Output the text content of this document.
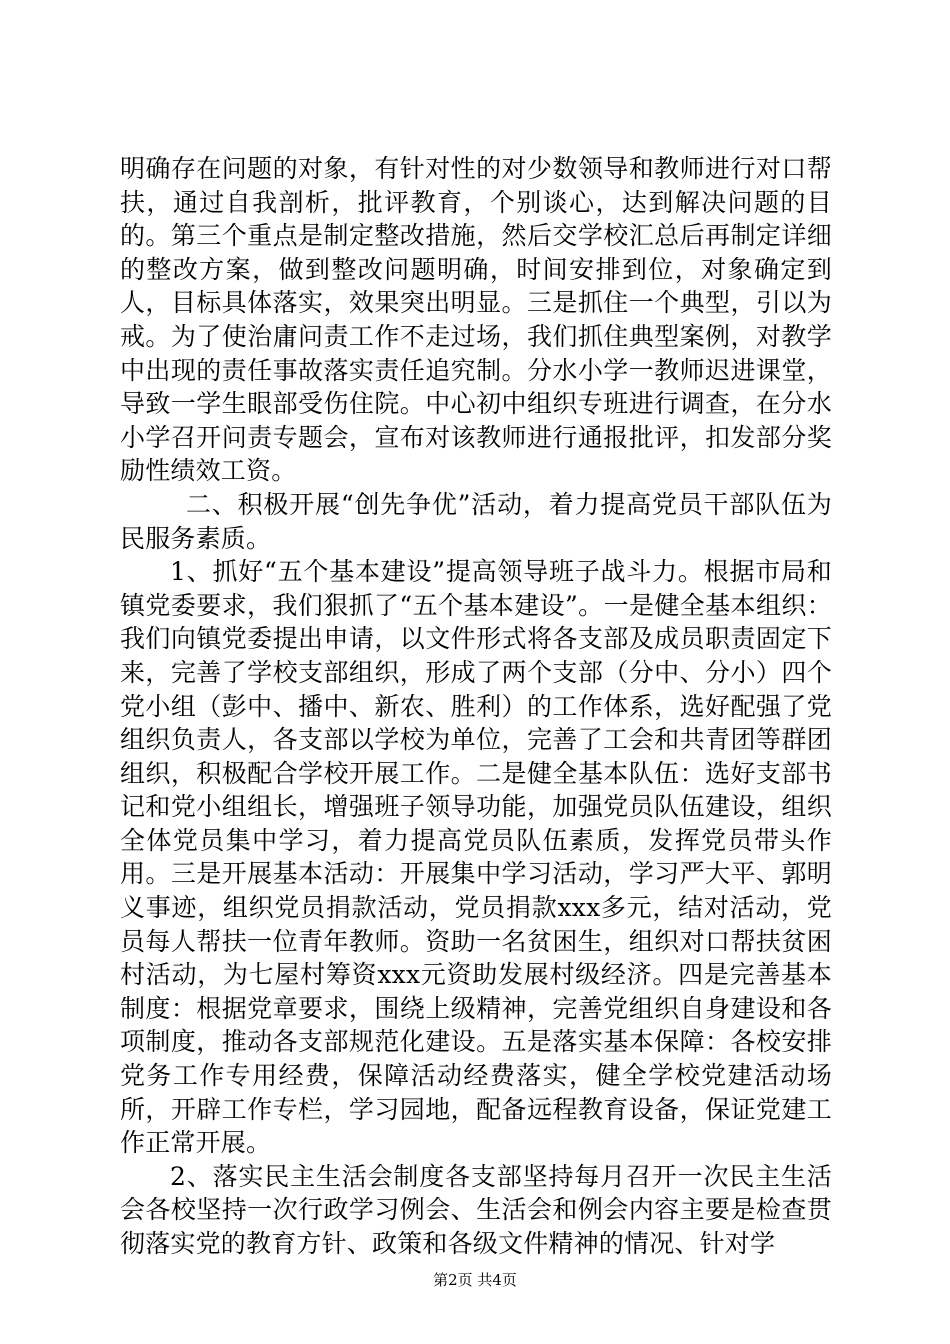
明确存在问题的对象，有针对性的对少数领导和教师进行对口帮扶，通过自我剖析，批评教育，个别谈心，达到解决问题的目的。第三个重点是制定整改措施，然后交学校汇总后再制定详细的整改方案，做到整改问题明确，时间安排到位，对象确定到人，目标具体落实，效果突出明显。三是抓住一个典型，引以为戒。为了使治庸问责工作不走过场，我们抓住典型案例，对教学中出现的责任事故落实责任追究制。分水小学一教师迟进课堂，导致一学生眼部受伤住院。中心初中组织专班进行调查，在分水小学召开问责专题会，宣布对该教师进行通报批评，扣发部分奖励性绩效工资。

二、积极开展“创先争优”活动，着力提高党员干部队伍为民服务素质。

1、抓好“五个基本建设”提高领导班子战斗力。根据市局和镇党委要求，我们狠抓了“五个基本建设”。一是健全基本组织：我们向镇党委提出申请，以文件形式将各支部及成员职责固定下来，完善了学校支部组织，形成了两个支部（分中、分小）四个党小组（彭中、播中、新农、胜利）的工作体系，选好配强了党组织负责人，各支部以学校为单位，完善了工会和共青团等群团组织，积极配合学校开展工作。二是健全基本队伍：选好支部书记和党小组组长，增强班子领导功能，加强党员队伍建设，组织全体党员集中学习，着力提高党员队伍素质，发挥党员带头作用。三是开展基本活动：开展集中学习活动，学习严大平、郭明义事迹，组织党员捐款活动，党员捐款xxx多元，结对活动，党员每人帮扶一位青年教师。资助一名贫困生，组织对口帮扶贫困村活动，为七屋村筹资xxx元资助发展村级经济。四是完善基本制度：根据党章要求，围绕上级精神，完善党组织自身建设和各项制度，推动各支部规范化建设。五是落实基本保障：各校安排党务工作专用经费，保障活动经费落实，健全学校党建活动场所，开辟工作专栏，学习园地，配备远程教育设备，保证党建工作正常开展。

2、落实民主生活会制度各支部坚持每月召开一次民主生活会各校坚持一次行政学习例会、生活会和例会内容主要是检查贯彻落实党的教育方针、政策和各级文件精神的情况、针对学

第2页 共4页
